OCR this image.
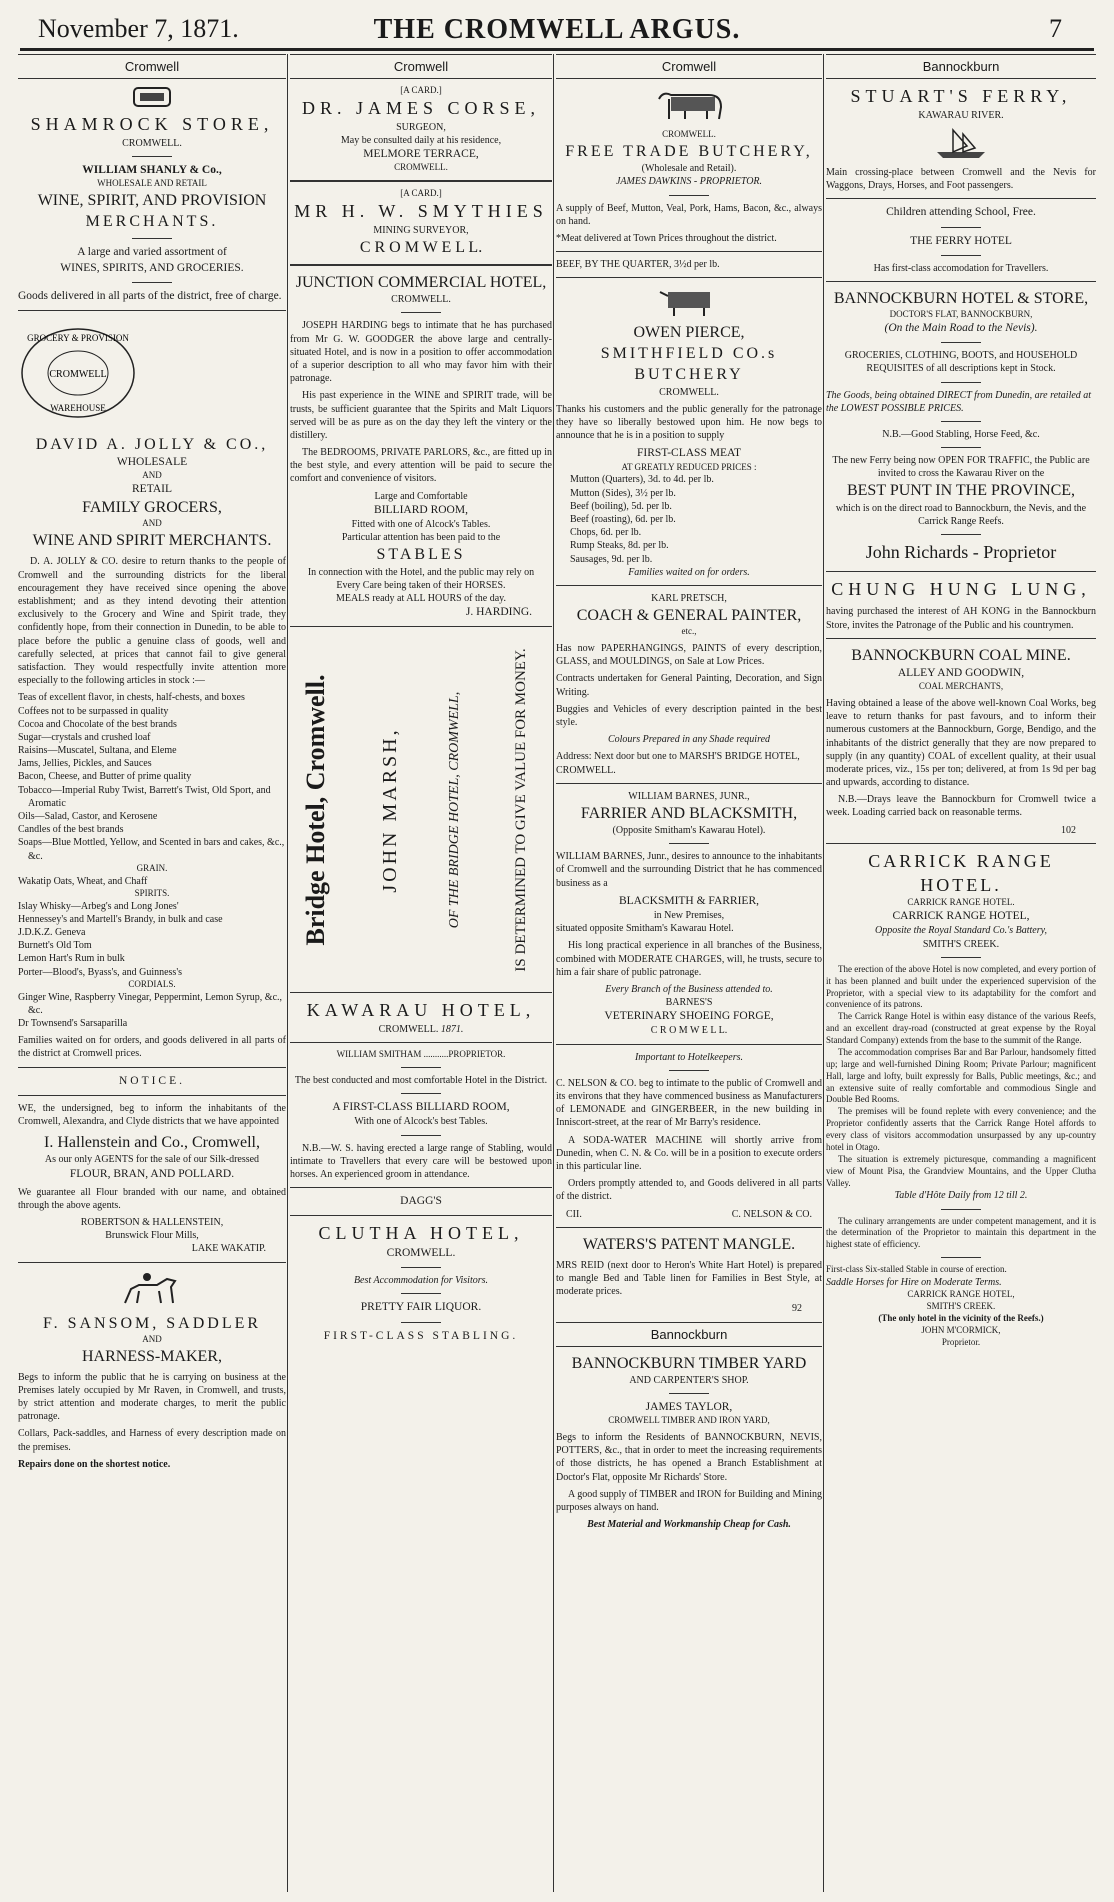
November 7, 1871.	THE CROMWELL ARGUS.	7
Cromwell
SHAMROCK STORE,
CROMWELL.
WILLIAM SHANLY & Co.,
WHOLESALE AND RETAIL
WINE, SPIRIT, AND PROVISION
MERCHANTS.
A large and varied assortment of
WINES, SPIRITS, AND GROCERIES.
Goods delivered in all parts of the district, free of charge.
CROMWELL
GROCERY & PROVISION
WAREHOUSE
DAVID A. JOLLY & CO.,
WHOLESALE
AND
RETAIL
FAMILY GROCERS,
AND
WINE AND SPIRIT MERCHANTS.
D. A. JOLLY & CO. desire to return thanks to the people of Cromwell and the surrounding districts for the liberal encouragement they have received since opening the above establishment; and as they intend devoting their attention exclusively to the Grocery and Wine and Spirit trade, they confidently hope, from their connection in Dunedin, to be able to place before the public a genuine class of goods, well and carefully selected, at prices that cannot fail to give general satisfaction. They would respectfully invite attention more especially to the following articles in stock :—
Teas of excellent flavor, in chests, half-chests, and boxes
Coffees not to be surpassed in quality
Cocoa and Chocolate of the best brands
Sugar—crystals and crushed loaf
Raisins—Muscatel, Sultana, and Eleme
Jams, Jellies, Pickles, and Sauces
Bacon, Cheese, and Butter of prime quality
Tobacco—Imperial Ruby Twist, Barrett's Twist, Old Sport, and Aromatic
Oils—Salad, Castor, and Kerosene
Candles of the best brands
Soaps—Blue Mottled, Yellow, and Scented in bars and cakes, &c., &c.
GRAIN.
Wakatip Oats, Wheat, and Chaff
SPIRITS.
Islay Whisky—Arbeg's and Long Jones'
Hennessey's and Martell's Brandy, in bulk and case
J.D.K.Z. Geneva
Burnett's Old Tom
Lemon Hart's Rum in bulk
Porter—Blood's, Byass's, and Guinness's
CORDIALS.
Ginger Wine, Raspberry Vinegar, Peppermint, Lemon Syrup, &c., &c.
Dr Townsend's Sarsaparilla
Families waited on for orders, and goods delivered in all parts of the district at Cromwell prices.
NOTICE.
WE, the undersigned, beg to inform the inhabitants of the Cromwell, Alexandra, and Clyde districts that we have appointed
I. Hallenstein and Co., Cromwell,
As our only AGENTS for the sale of our Silk-dressed
FLOUR, BRAN, AND POLLARD.
We guarantee all Flour branded with our name, and obtained through the above agents.
ROBERTSON & HALLENSTEIN,
Brunswick Flour Mills,
LAKE WAKATIP.
F. SANSOM, SADDLER
AND
HARNESS-MAKER,
Begs to inform the public that he is carrying on business at the Premises lately occupied by Mr Raven, in Cromwell, and trusts, by strict attention and moderate charges, to merit the public patronage.
Collars, Pack-saddles, and Harness of every description made on the premises.
Repairs done on the shortest notice.
Cromwell
[A CARD.]
DR. JAMES CORSE,
SURGEON,
May be consulted daily at his residence,
MELMORE TERRACE,
CROMWELL.
[A CARD.]
MR H. W. SMYTHIES
MINING SURVEYOR,
C R O M W E L L.
JUNCTION COMMERCIAL HOTEL,
CROMWELL.
JOSEPH HARDING begs to intimate that he has purchased from Mr G. W. GOODGER the above large and centrally-situated Hotel, and is now in a position to offer accommodation of a superior description to all who may favor him with their patronage.
His past experience in the WINE and SPIRIT trade, will be trusts, be sufficient guarantee that the Spirits and Malt Liquors served will be as pure as on the day they left the vintery or the distillery.
The BEDROOMS, PRIVATE PARLORS, &c., are fitted up in the best style, and every attention will be paid to secure the comfort and convenience of visitors.
Large and Comfortable
BILLIARD ROOM,
Fitted with one of Alcock's Tables.
Particular attention has been paid to the
STABLES
In connection with the Hotel, and the public may rely on
Every Care being taken of their HORSES.
MEALS ready at ALL HOURS of the day.
J. HARDING.
Bridge Hotel, Cromwell. JOHN MARSH,	OF THE BRIDGE HOTEL, CROMWELL,	IS DETERMINED TO GIVE VALUE FOR MONEY.
KAWARAU HOTEL,
CROMWELL. 1871.
WILLIAM SMITHAM ...........PROPRIETOR.
The best conducted and most comfortable Hotel in the District.
A FIRST-CLASS BILLIARD ROOM,
With one of Alcock's best Tables.
N.B.—W. S. having erected a large range of Stabling, would intimate to Travellers that every care will be bestowed upon horses. An experienced groom in attendance.
DAGG'S
CLUTHA HOTEL,
CROMWELL.
Best Accommodation for Visitors.
PRETTY FAIR LIQUOR.
FIRST-CLASS STABLING.
Cromwell
CROMWELL.
FREE TRADE BUTCHERY,
(Wholesale and Retail).
JAMES DAWKINS - PROPRIETOR.
A supply of Beef, Mutton, Veal, Pork, Hams, Bacon, &c., always on hand.
*Meat delivered at Town Prices throughout the district.
BEEF, BY THE QUARTER, 3½d per lb.
OWEN PIERCE,
SMITHFIELD CO.s BUTCHERY
CROMWELL.
Thanks his customers and the public generally for the patronage they have so liberally bestowed upon him. He now begs to announce that he is in a position to supply
FIRST-CLASS MEAT
AT GREATLY REDUCED PRICES :
Mutton (Quarters), 3d. to 4d. per lb.
Mutton (Sides), 3½ per lb.
Beef (boiling), 5d. per lb.
Beef (roasting), 6d. per lb.
Chops, 6d. per lb.
Rump Steaks, 8d. per lb.
Sausages, 9d. per lb.
Families waited on for orders.
KARL PRETSCH,
COACH & GENERAL PAINTER,
etc.,
Has now PAPERHANGINGS, PAINTS of every description, GLASS, and MOULDINGS, on Sale at Low Prices.
Contracts undertaken for General Painting, Decoration, and Sign Writing.
Buggies and Vehicles of every description painted in the best style.
Colours Prepared in any Shade required
Address: Next door but one to MARSH'S BRIDGE HOTEL, CROMWELL.
WILLIAM BARNES, JUNR.,
FARRIER AND BLACKSMITH,
(Opposite Smitham's Kawarau Hotel).
WILLIAM BARNES, Junr., desires to announce to the inhabitants of Cromwell and the surrounding District that he has commenced business as a
BLACKSMITH & FARRIER,
in New Premises,
situated opposite Smitham's Kawarau Hotel.
His long practical experience in all branches of the Business, combined with MODERATE CHARGES, will, he trusts, secure to him a fair share of public patronage.
Every Branch of the Business attended to.
BARNES'S
VETERINARY SHOEING FORGE,
C R O M W E L L.
Important to Hotelkeepers.
C. NELSON & CO. beg to intimate to the public of Cromwell and its environs that they have commenced business as Manufacturers of LEMONADE and GINGERBEER, in the new building in Inniscort-street, at the rear of Mr Barry's residence.
A SODA-WATER MACHINE will shortly arrive from Dunedin, when C. N. & Co. will be in a position to execute orders in this particular line.
Orders promptly attended to, and Goods delivered in all parts of the district.
CII.	C. NELSON & CO.
WATERS'S PATENT MANGLE.
MRS REID (next door to Heron's White Hart Hotel) is prepared to mangle Bed and Table linen for Families in Best Style, at moderate prices.
92
Bannockburn
BANNOCKBURN TIMBER YARD
AND CARPENTER'S SHOP.
JAMES TAYLOR,
CROMWELL TIMBER AND IRON YARD,
Begs to inform the Residents of BANNOCKBURN, NEVIS, POTTERS, &c., that in order to meet the increasing requirements of those districts, he has opened a Branch Establishment at Doctor's Flat, opposite Mr Richards' Store.
A good supply of TIMBER and IRON for Building and Mining purposes always on hand.
Best Material and Workmanship Cheap for Cash.
Bannockburn
STUART'S FERRY,
KAWARAU RIVER.
Main crossing-place between Cromwell and the Nevis for Waggons, Drays, Horses, and Foot passengers.
Children attending School, Free.
THE FERRY HOTEL
Has first-class accomodation for Travellers.
BANNOCKBURN HOTEL & STORE,
DOCTOR'S FLAT, BANNOCKBURN,
(On the Main Road to the Nevis).
GROCERIES, CLOTHING, BOOTS, and HOUSEHOLD REQUISITES of all descriptions kept in Stock.
The Goods, being obtained DIRECT from Dunedin, are retailed at the LOWEST POSSIBLE PRICES.
N.B.—Good Stabling, Horse Feed, &c.
The new Ferry being now OPEN FOR TRAFFIC, the Public are invited to cross the Kawarau River on the
BEST PUNT IN THE PROVINCE,
which is on the direct road to Bannockburn, the Nevis, and the Carrick Range Reefs.
John Richards - Proprietor
CHUNG HUNG LUNG,
having purchased the interest of AH KONG in the Bannockburn Store, invites the Patronage of the Public and his countrymen.
BANNOCKBURN COAL MINE.
ALLEY AND GOODWIN,
COAL MERCHANTS,
Having obtained a lease of the above well-known Coal Works, beg leave to return thanks for past favours, and to inform their numerous customers at the Bannockburn, Gorge, Bendigo, and the inhabitants of the district generally that they are now prepared to supply (in any quantity) COAL of excellent quality, at their usual moderate prices, viz., 15s per ton; delivered, at from 1s 9d per bag and upwards, according to distance.
N.B.—Drays leave the Bannockburn for Cromwell twice a week. Loading carried back on reasonable terms.
102
CARRICK RANGE HOTEL.
CARRICK RANGE HOTEL.
CARRICK RANGE HOTEL,
Opposite the Royal Standard Co.'s Battery,
SMITH'S CREEK.
The erection of the above Hotel is now completed, and every portion of it has been planned and built under the experienced supervision of the Proprietor, with a special view to its adaptability for the comfort and convenience of its patrons.
The Carrick Range Hotel is within easy distance of the various Reefs, and an excellent dray-road (constructed at great expense by the Royal Standard Company) extends from the base to the summit of the Range.
The accommodation comprises Bar and Bar Parlour, handsomely fitted up; large and well-furnished Dining Room; Private Parlour; magnificent Hall, large and lofty, built expressly for Balls, Public meetings, &c.; and an extensive suite of really comfortable and commodious Single and Double Bed Rooms.
The premises will be found replete with every convenience; and the Proprietor confidently asserts that the Carrick Range Hotel affords to every class of visitors accommodation unsurpassed by any up-country hotel in Otago.
The situation is extremely picturesque, commanding a magnificent view of Mount Pisa, the Grandview Mountains, and the Upper Clutha Valley.
Table d'Hôte Daily from 12 till 2.
The culinary arrangements are under competent management, and it is the determination of the Proprietor to maintain this department in the highest state of efficiency.
First-class Six-stalled Stable in course of erection.
Saddle Horses for Hire on Moderate Terms.
CARRICK RANGE HOTEL,
SMITH'S CREEK.
(The only hotel in the vicinity of the Reefs.)
JOHN M'CORMICK,
Proprietor.
